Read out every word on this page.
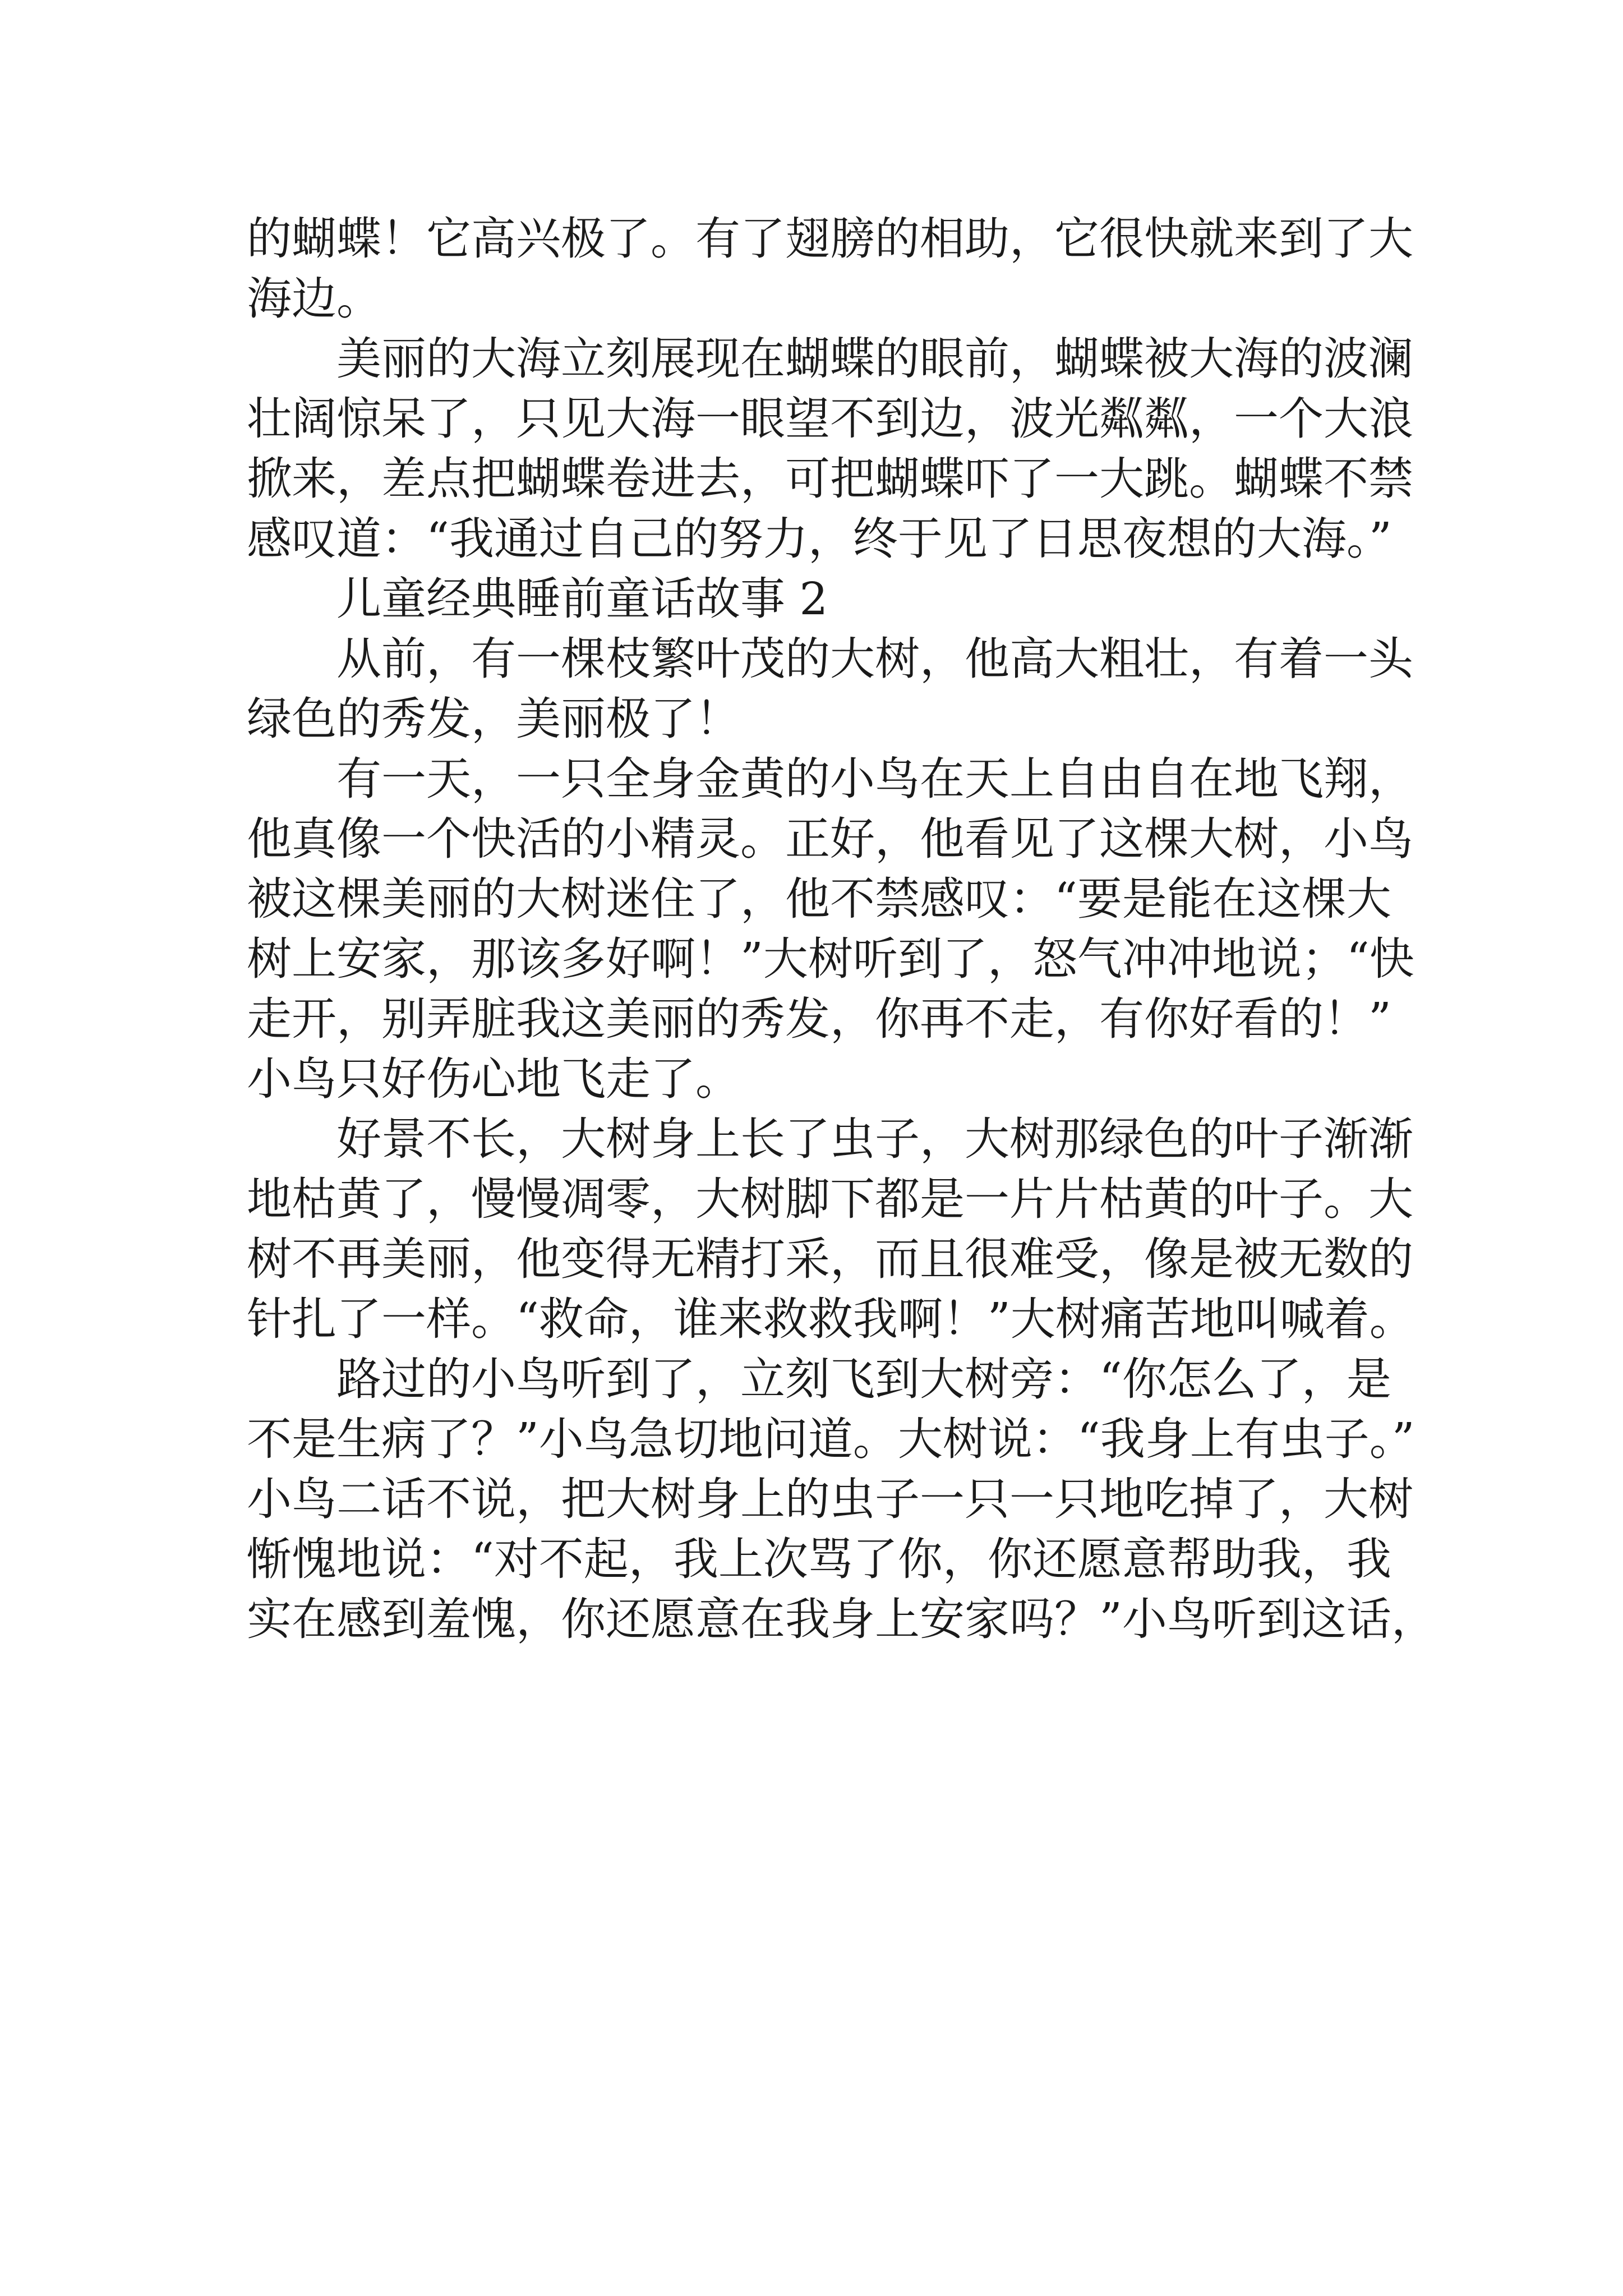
的蝴蝶！它高兴极了。有了翅膀的相助，它很快就来到了大
海边。

美丽的大海立刻展现在蝴蝶的眼前，蝴蝶被大海的波澜
壮阔惊呆了，只见大海一眼望不到边，波光粼粼，一个大浪
掀来，差点把蝴蝶卷进去，可把蝴蝶吓了一大跳。蝴蝶不禁
感叹道：“我通过自己的努力，终于见了日思夜想的大海。”

儿童经典睡前童话故事 2

从前，有一棵枝繁叶茂的大树，他高大粗壮，有着一头
绿色的秀发，美丽极了！

有一天，一只全身金黄的小鸟在天上自由自在地飞翔，
他真像一个快活的小精灵。正好，他看见了这棵大树，小鸟
被这棵美丽的大树迷住了，他不禁感叹：“要是能在这棵大
树上安家，那该多好啊！”大树听到了，怒气冲冲地说；“快
走开，别弄脏我这美丽的秀发，你再不走，有你好看的！”
小鸟只好伤心地飞走了。

好景不长，大树身上长了虫子，大树那绿色的叶子渐渐
地枯黄了，慢慢凋零，大树脚下都是一片片枯黄的叶子。大
树不再美丽，他变得无精打采，而且很难受，像是被无数的
针扎了一样。“救命，谁来救救我啊！”大树痛苦地叫喊着。

路过的小鸟听到了，立刻飞到大树旁：“你怎么了，是
不是生病了？”小鸟急切地问道。大树说：“我身上有虫子。”
小鸟二话不说，把大树身上的虫子一只一只地吃掉了，大树
惭愧地说：“对不起，我上次骂了你，你还愿意帮助我，我
实在感到羞愧，你还愿意在我身上安家吗？”小鸟听到这话，
